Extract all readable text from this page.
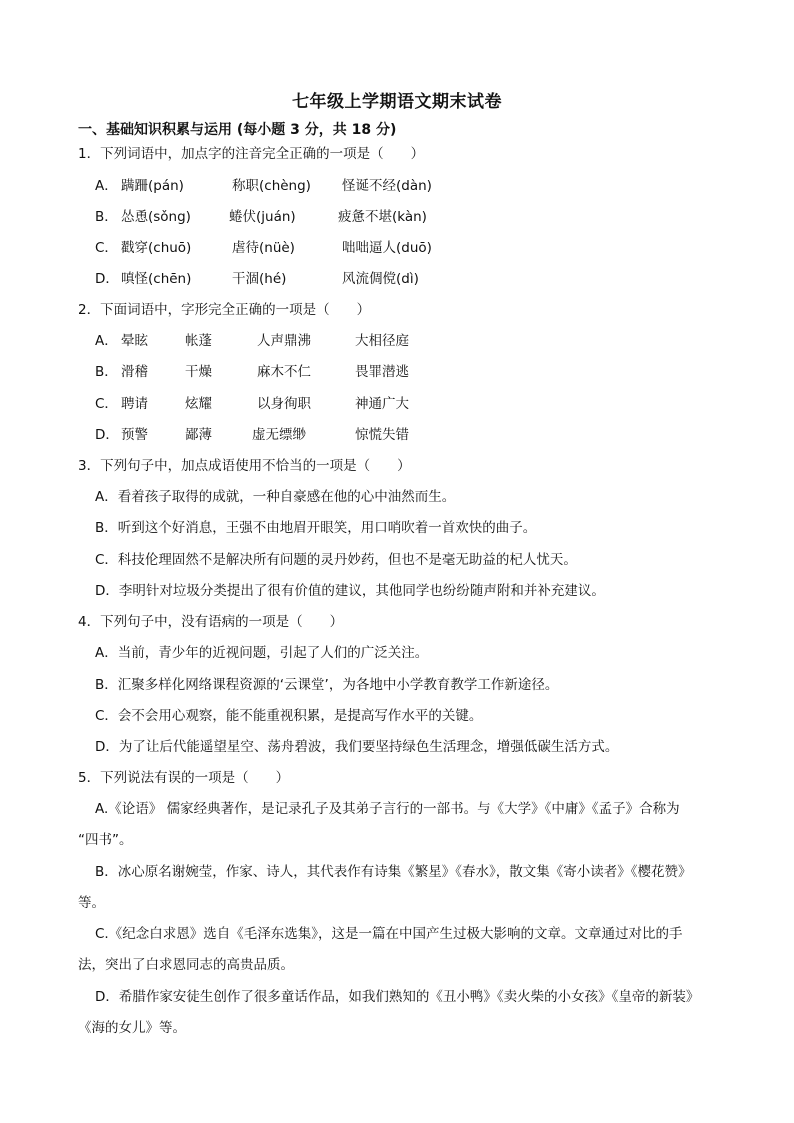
七年级上学期语文期末试卷
一、基础知识积累与运用 (每小题 3 分，共 18 分)
1．下列词语中，加点字的注音完全正确的一项是（　　）
A． 蹒跚(pán)	称职(chèng) 怪诞不经(dàn)
B． 怂恿(sǒng)	蜷伏(juán)	疲惫不堪(kàn)
C． 戳穿(chuō)	虐待(nüè)	咄咄逼人(duō)
D． 嗔怪(chēn)	干涸(hé)	风流倜傥(dì)
2．下面词语中，字形完全正确的一项是（　　）
A． 晕眩	帐蓬	人声鼎沸	大相径庭
B． 滑稽	干燥	麻木不仁	畏罪潜逃
C． 聘请	炫耀	以身徇职	神通广大
D． 预警	鄙薄	虚无缥缈	惊慌失错
3．下列句子中，加点成语使用不恰当的一项是（　　）
A．看着孩子取得的成就，一种自豪感在他的心中油然而生。
B．听到这个好消息，王强不由地眉开眼笑，用口哨吹着一首欢快的曲子。
C．科技伦理固然不是解决所有问题的灵丹妙药，但也不是毫无助益的杞人忧天。
D．李明针对垃圾分类提出了很有价值的建议，其他同学也纷纷随声附和并补充建议。
4．下列句子中，没有语病的一项是（　　）
A．当前，青少年的近视问题，引起了人们的广泛关注。
B．汇聚多样化网络课程资源的‘云课堂’，为各地中小学教育教学工作新途径。
C．会不会用心观察，能不能重视积累，是提高写作水平的关键。
D．为了让后代能遥望星空、荡舟碧波，我们要坚持绿色生活理念，增强低碳生活方式。
5．下列说法有误的一项是（　　）
A.《论语》 儒家经典著作，是记录孔子及其弟子言行的一部书。与《大学》《中庸》《孟子》合称为
“四书”。
B．冰心原名谢婉莹，作家、诗人，其代表作有诗集《繁星》《春水》，散文集《寄小读者》《樱花赞》
等。
C.《纪念白求恩》选自《毛泽东选集》，这是一篇在中国产生过极大影响的文章。文章通过对比的手
法，突出了白求恩同志的高贵品质。
D．希腊作家安徒生创作了很多童话作品，如我们熟知的《丑小鸭》《卖火柴的小女孩》《皇帝的新装》
《海的女儿》等。
